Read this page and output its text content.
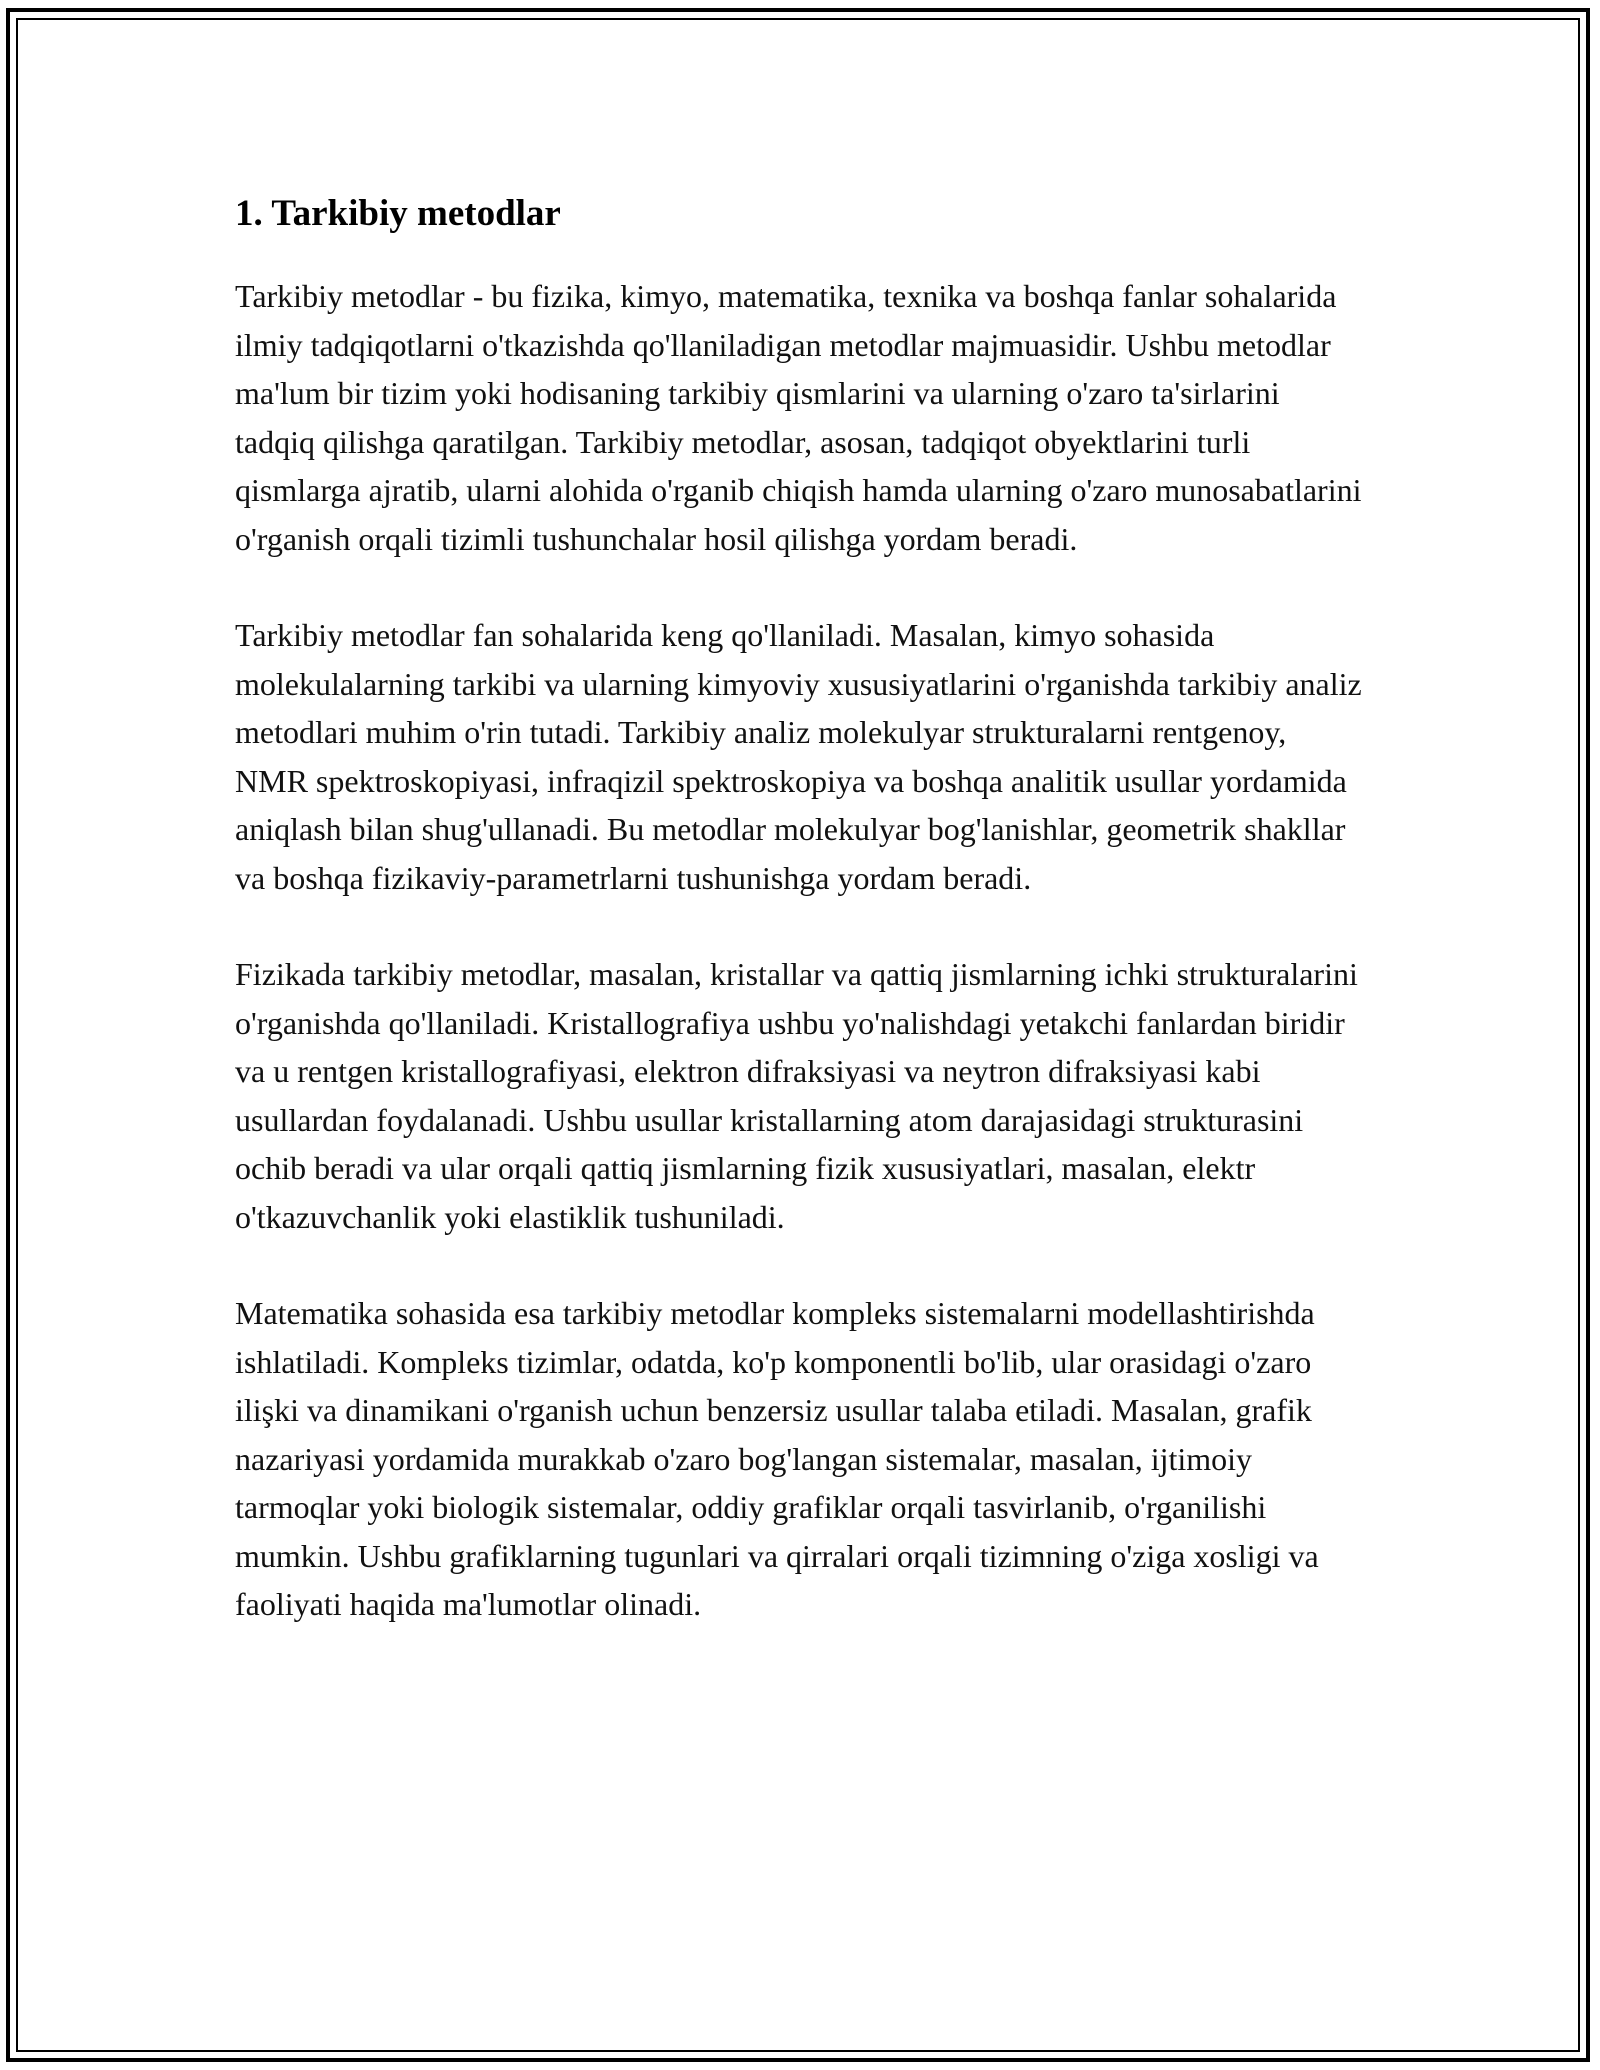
1. Tarkibiy metodlar

Tarkibiy metodlar - bu fizika, kimyo, matematika, texnika va boshqa fanlar sohalarida ilmiy tadqiqotlarni o'tkazishda qo'llaniladigan metodlar majmuasidir. Ushbu metodlar ma'lum bir tizim yoki hodisaning tarkibiy qismlarini va ularning o'zaro ta'sirlarini tadqiq qilishga qaratilgan. Tarkibiy metodlar, asosan, tadqiqot obyektlarini turli qismlarga ajratib, ularni alohida o'rganib chiqish hamda ularning o'zaro munosabatlarini o'rganish orqali tizimli tushunchalar hosil qilishga yordam beradi.

Tarkibiy metodlar fan sohalarida keng qo'llaniladi. Masalan, kimyo sohasida molekulalarning tarkibi va ularning kimyoviy xususiyatlarini o'rganishda tarkibiy analiz metodlari muhim o'rin tutadi. Tarkibiy analiz molekulyar strukturalarni rentgenoy, NMR spektroskopiyasi, infraqizil spektroskopiya va boshqa analitik usullar yordamida aniqlash bilan shug'ullanadi. Bu metodlar molekulyar bog'lanishlar, geometrik shakllar va boshqa fizikaviy-parametrlarni tushunishga yordam beradi.

Fizikada tarkibiy metodlar, masalan, kristallar va qattiq jismlarning ichki strukturalarini o'rganishda qo'llaniladi. Kristallografiya ushbu yo'nalishdagi yetakchi fanlardan biridir va u rentgen kristallografiyasi, elektron difraksiyasi va neytron difraksiyasi kabi usullardan foydalanadi. Ushbu usullar kristallarning atom darajasidagi strukturasini ochib beradi va ular orqali qattiq jismlarning fizik xususiyatlari, masalan, elektr o'tkazuvchanlik yoki elastiklik tushuniladi.

Matematika sohasida esa tarkibiy metodlar kompleks sistemalarni modellashtirishda ishlatiladi. Kompleks tizimlar, odatda, ko'p komponentli bo'lib, ular orasidagi o'zaro ilişki va dinamikani o'rganish uchun benzersiz usullar talaba etiladi. Masalan, grafik nazariyasi yordamida murakkab o'zaro bog'langan sistemalar, masalan, ijtimoiy tarmoqlar yoki biologik sistemalar, oddiy grafiklar orqali tasvirlanib, o'rganilishi mumkin. Ushbu grafiklarning tugunlari va qirralari orqali tizimning o'ziga xosligi va faoliyati haqida ma'lumotlar olinadi.
